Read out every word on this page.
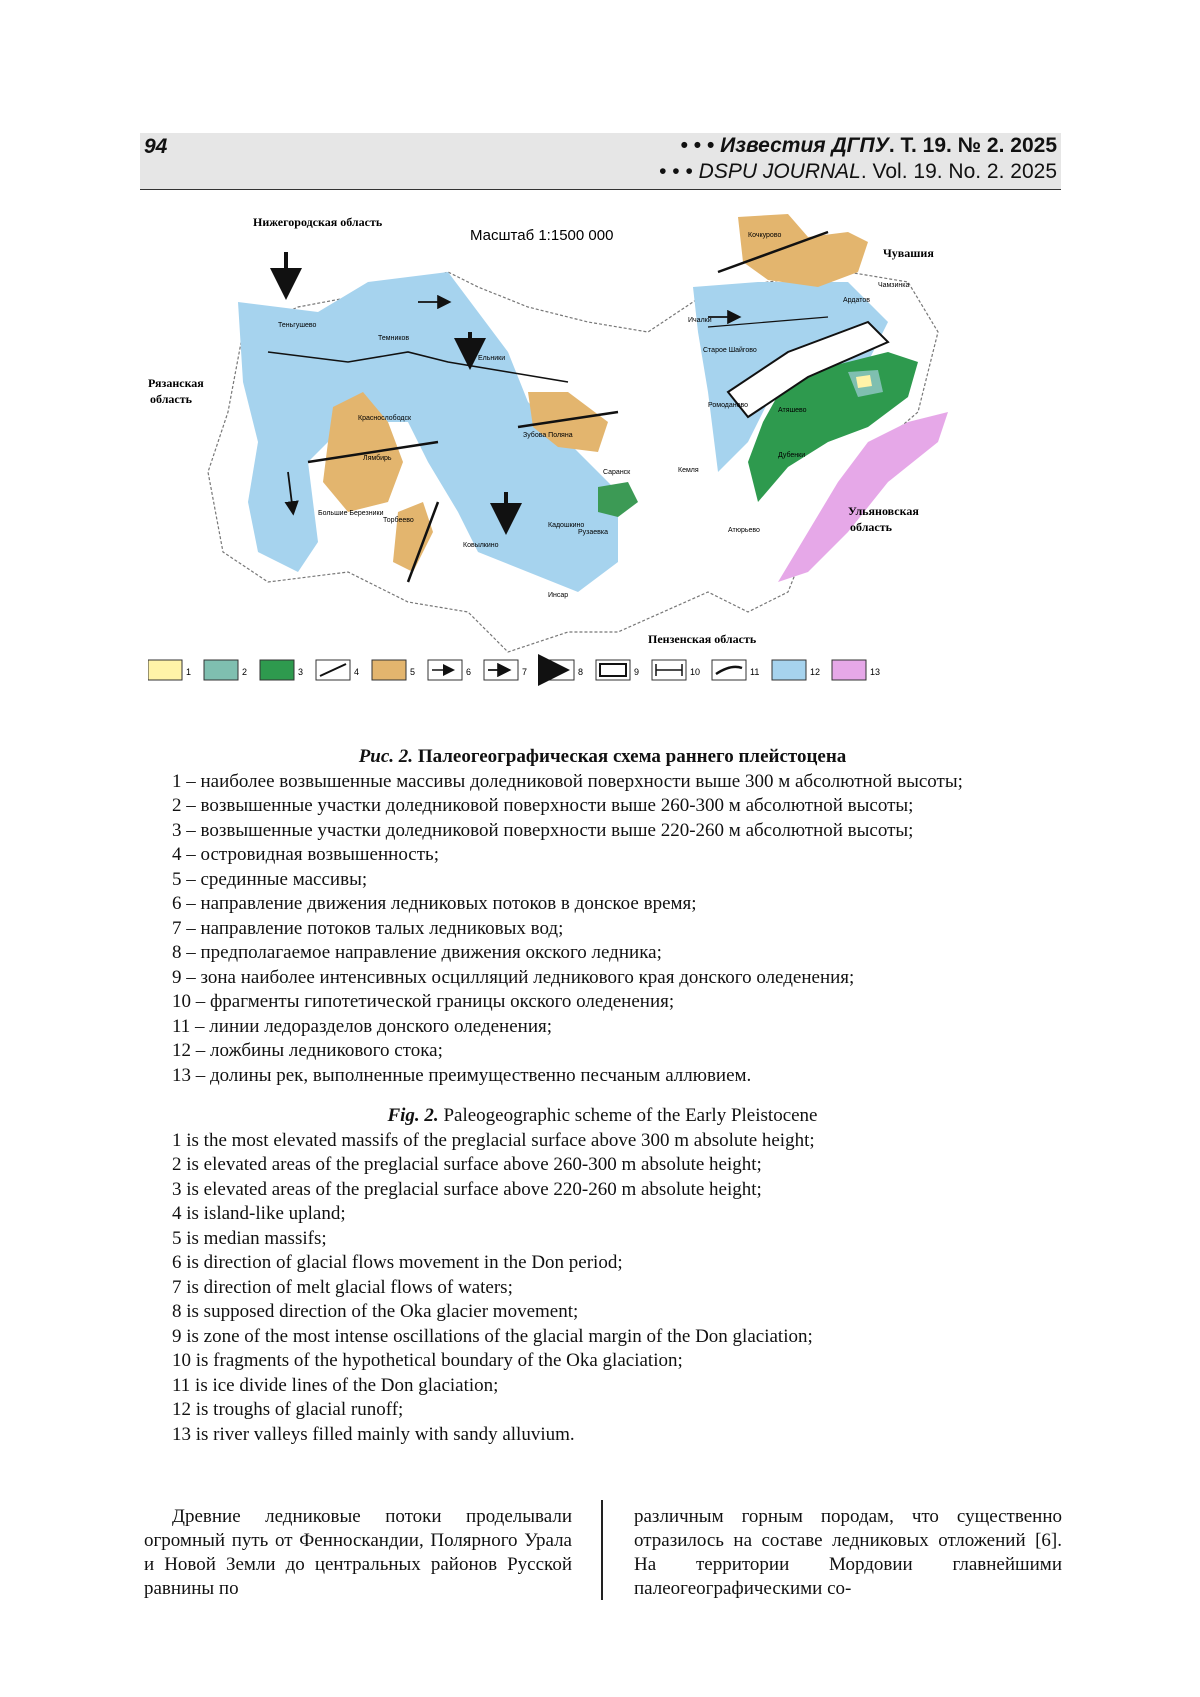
94	• • • Известия ДГПУ. Т. 19. № 2. 2025
• • • DSPU JOURNAL. Vol. 19. No. 2. 2025
Масштаб 1:1500 000
Нижегородская область
Рязанская
область
Чувашия
Ульяновская
область
Пензенская область
Теньгушево
Темников
Торбеево
Саранск
Ельники
Ардатов
Краснослободск
Ковылкино
Инсар
Рузаевка
Ромоданово
Кадошкино
Атяшево
Чамзинка
Дубенки
Большие Березники
Зубова Поляна
Старое Шайгово
Ичалки
Кемля
Лямбирь
Атюрьево
Кочкурово
1	2	3	4	5	6	7	8	9	10	11	12	13
Рис. 2. Палеогеографическая схема раннего плейстоцена
1 – наиболее возвышенные массивы доледниковой поверхности выше 300 м абсолютной высоты;
2 – возвышенные участки доледниковой поверхности выше 260-300 м абсолютной высоты;
3 – возвышенные участки доледниковой поверхности выше 220-260 м абсолютной высоты;
4 – островидная возвышенность;
5 – срединные массивы;
6 – направление движения ледниковых потоков в донское время;
7 – направление потоков талых ледниковых вод;
8 – предполагаемое направление движения окского ледника;
9 – зона наиболее интенсивных осцилляций ледникового края донского оледенения;
10 – фрагменты гипотетической границы окского оледенения;
11 – линии ледоразделов донского оледенения;
12 – ложбины ледникового стока;
13 – долины рек, выполненные преимущественно песчаным аллювием.
Fig. 2. Paleogeographic scheme of the Early Pleistocene
1 is the most elevated massifs of the preglacial surface above 300 m absolute height;
2 is elevated areas of the preglacial surface above 260-300 m absolute height;
3 is elevated areas of the preglacial surface above 220-260 m absolute height;
4 is island-like upland;
5 is median massifs;
6 is direction of glacial flows movement in the Don period;
7 is direction of melt glacial flows of waters;
8 is supposed direction of the Oka glacier movement;
9 is zone of the most intense oscillations of the glacial margin of the Don glaciation;
10 is fragments of the hypothetical boundary of the Oka glaciation;
11 is ice divide lines of the Don glaciation;
12 is troughs of glacial runoff;
13 is river valleys filled mainly with sandy alluvium.
Древние ледниковые потоки проделывали огромный путь от Фенноскандии, Полярного Урала и Новой Земли до центральных районов Русской равнины по
различным горным породам, что существенно отразилось на составе ледниковых отложений [6]. На территории Мордовии главнейшими палеогеографическими со-
